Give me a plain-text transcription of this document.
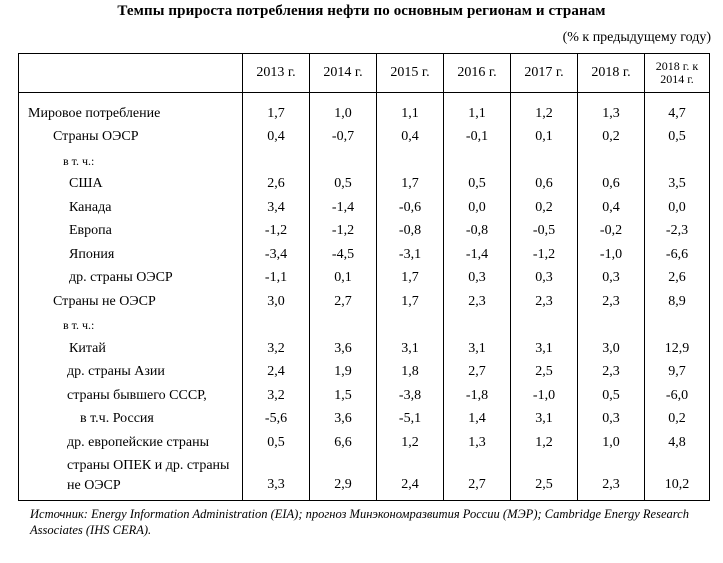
Темпы прироста потребления нефти по основным регионам и странам
(% к предыдущему году)
	2013 г.	2014 г.	2015 г.	2016 г.	2017 г.	2018 г.	2018 г. к 2014 г.
Мировое потребление	1,7	1,0	1,1	1,1	1,2	1,3	4,7
Страны ОЭСР	0,4	-0,7	0,4	-0,1	0,1	0,2	0,5
в т. ч.:							
США	2,6	0,5	1,7	0,5	0,6	0,6	3,5
Канада	3,4	-1,4	-0,6	0,0	0,2	0,4	0,0
Европа	-1,2	-1,2	-0,8	-0,8	-0,5	-0,2	-2,3
Япония	-3,4	-4,5	-3,1	-1,4	-1,2	-1,0	-6,6
др. страны ОЭСР	-1,1	0,1	1,7	0,3	0,3	0,3	2,6
Страны не ОЭСР	3,0	2,7	1,7	2,3	2,3	2,3	8,9
в т. ч.:							
Китай	3,2	3,6	3,1	3,1	3,1	3,0	12,9
др. страны Азии	2,4	1,9	1,8	2,7	2,5	2,3	9,7
страны бывшего СССР,	3,2	1,5	-3,8	-1,8	-1,0	0,5	-6,0
в т.ч. Россия	-5,6	3,6	-5,1	1,4	3,1	0,3	0,2
др. европейские страны	0,5	6,6	1,2	1,3	1,2	1,0	4,8
страны ОПЕК и др. страны не ОЭСР	3,3	2,9	2,4	2,7	2,5	2,3	10,2
Источник: Energy Information Administration (EIA); прогноз Минэкономразвития России (МЭР); Cambridge Energy Research Associates (IHS CERA).
